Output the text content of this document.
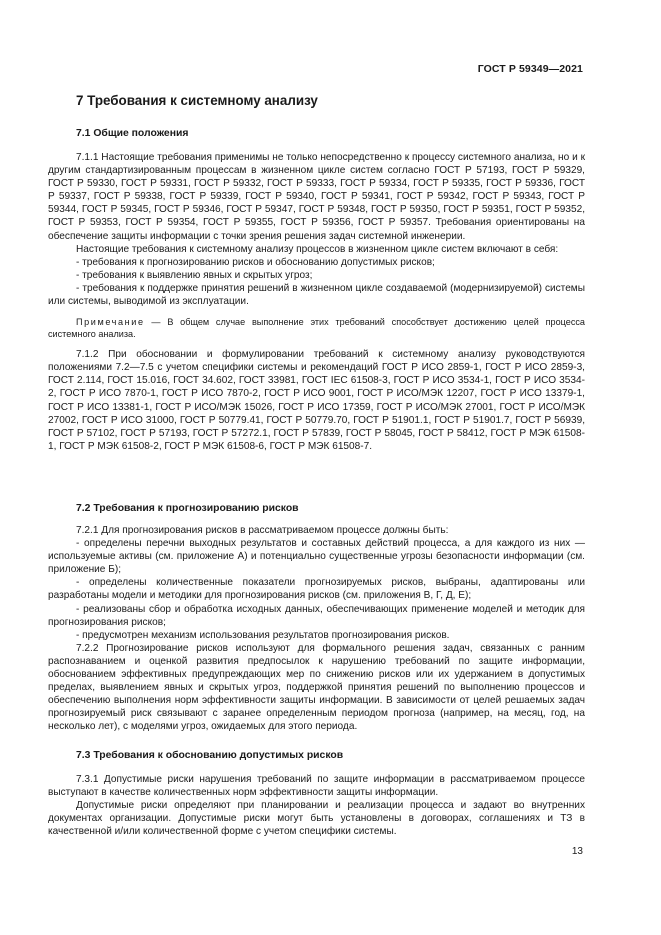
ГОСТ Р 59349—2021
7 Требования к системному анализу
7.1 Общие положения

7.1.1 Настоящие требования применимы не только непосредственно к процессу системного анализа, но и к другим стандартизированным процессам в жизненном цикле систем согласно ГОСТ Р 57193, ГОСТ Р 59329, ГОСТ Р 59330, ГОСТ Р 59331, ГОСТ Р 59332, ГОСТ Р 59333, ГОСТ Р 59334, ГОСТ Р 59335, ГОСТ Р 59336, ГОСТ Р 59337, ГОСТ Р 59338, ГОСТ Р 59339, ГОСТ Р 59340, ГОСТ Р 59341, ГОСТ Р 59342, ГОСТ Р 59343, ГОСТ Р 59344, ГОСТ Р 59345, ГОСТ Р 59346, ГОСТ Р 59347, ГОСТ Р 59348, ГОСТ Р 59350, ГОСТ Р 59351, ГОСТ Р 59352, ГОСТ Р 59353, ГОСТ Р 59354, ГОСТ Р 59355, ГОСТ Р 59356, ГОСТ Р 59357. Требования ориентированы на обеспечение защиты информации с точки зрения решения задач системной инженерии.

Настоящие требования к системному анализу процессов в жизненном цикле систем включают в себя:

- требования к прогнозированию рисков и обоснованию допустимых рисков;

- требования к выявлению явных и скрытых угроз;

- требования к поддержке принятия решений в жизненном цикле создаваемой (модернизируемой) системы или системы, выводимой из эксплуатации.

Примечание — В общем случае выполнение этих требований способствует достижению целей процесса системного анализа.

7.1.2 При обосновании и формулировании требований к системному анализу руководствуются положениями 7.2—7.5 с учетом специфики системы и рекомендаций ГОСТ Р ИСО 2859-1, ГОСТ Р ИСО 2859-3, ГОСТ 2.114, ГОСТ 15.016, ГОСТ 34.602, ГОСТ 33981, ГОСТ IEC 61508-3, ГОСТ Р ИСО 3534-1, ГОСТ Р ИСО 3534-2, ГОСТ Р ИСО 7870-1, ГОСТ Р ИСО 7870-2, ГОСТ Р ИСО 9001, ГОСТ Р ИСО/МЭК 12207, ГОСТ Р ИСО 13379-1, ГОСТ Р ИСО 13381-1, ГОСТ Р ИСО/МЭК 15026, ГОСТ Р ИСО 17359, ГОСТ Р ИСО/МЭК 27001, ГОСТ Р ИСО/МЭК 27002, ГОСТ Р ИСО 31000, ГОСТ Р 50779.41, ГОСТ Р 50779.70, ГОСТ Р 51901.1, ГОСТ Р 51901.7, ГОСТ Р 56939, ГОСТ Р 57102, ГОСТ Р 57193, ГОСТ Р 57272.1, ГОСТ Р 57839, ГОСТ Р 58045, ГОСТ Р 58412, ГОСТ Р МЭК 61508-1, ГОСТ Р МЭК 61508-2, ГОСТ Р МЭК 61508-6, ГОСТ Р МЭК 61508-7.

7.2 Требования к прогнозированию рисков

7.2.1 Для прогнозирования рисков в рассматриваемом процессе должны быть:

- определены перечни выходных результатов и составных действий процесса, а для каждого из них — используемые активы (см. приложение А) и потенциально существенные угрозы безопасности информации (см. приложение Б);

- определены количественные показатели прогнозируемых рисков, выбраны, адаптированы или разработаны модели и методики для прогнозирования рисков (см. приложения В, Г, Д, Е);

- реализованы сбор и обработка исходных данных, обеспечивающих применение моделей и методик для прогнозирования рисков;

- предусмотрен механизм использования результатов прогнозирования рисков.

7.2.2 Прогнозирование рисков используют для формального решения задач, связанных с ранним распознаванием и оценкой развития предпосылок к нарушению требований по защите информации, обоснованием эффективных предупреждающих мер по снижению рисков или их удержанием в допустимых пределах, выявлением явных и скрытых угроз, поддержкой принятия решений по выполнению процессов и обеспечению выполнения норм эффективности защиты информации. В зависимости от целей решаемых задач прогнозируемый риск связывают с заранее определенным периодом прогноза (например, на месяц, год, на несколько лет), с моделями угроз, ожидаемых для этого периода.

7.3 Требования к обоснованию допустимых рисков

7.3.1 Допустимые риски нарушения требований по защите информации в рассматриваемом процессе выступают в качестве количественных норм эффективности защиты информации.

Допустимые риски определяют при планировании и реализации процесса и задают во внутренних документах организации. Допустимые риски могут быть установлены в договорах, соглашениях и ТЗ в качественной и/или количественной форме с учетом специфики системы.

13
